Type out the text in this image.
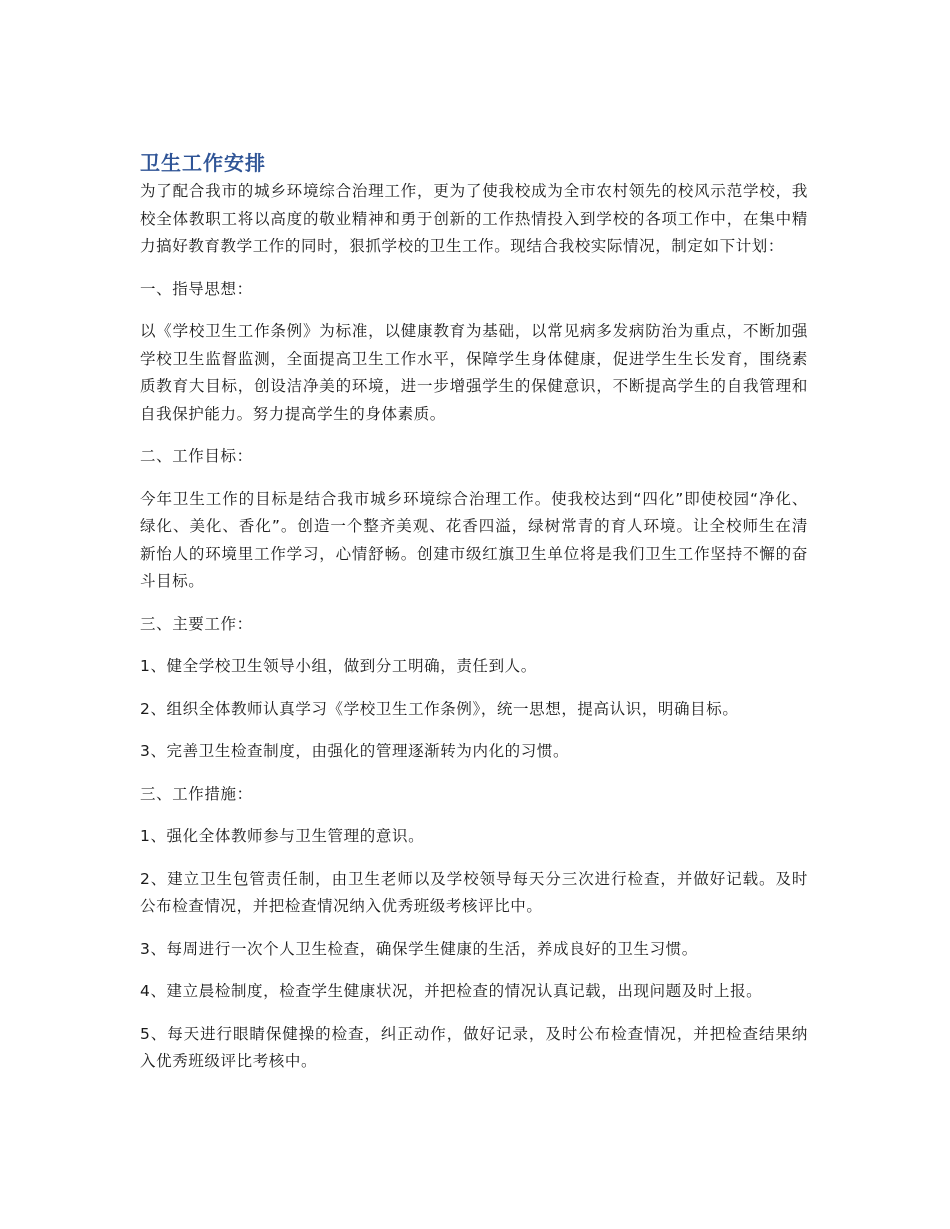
卫生工作安排

为了配合我市的城乡环境综合治理工作，更为了使我校成为全市农村领先的校风示范学校，我校全体教职工将以高度的敬业精神和勇于创新的工作热情投入到学校的各项工作中，在集中精力搞好教育教学工作的同时，狠抓学校的卫生工作。现结合我校实际情况，制定如下计划：

一、指导思想：

以《学校卫生工作条例》为标准，以健康教育为基础，以常见病多发病防治为重点，不断加强学校卫生监督监测，全面提高卫生工作水平，保障学生身体健康，促进学生生长发育，围绕素质教育大目标，创设洁净美的环境，进一步增强学生的保健意识，不断提高学生的自我管理和自我保护能力。努力提高学生的身体素质。

二、工作目标：

今年卫生工作的目标是结合我市城乡环境综合治理工作。使我校达到“四化”即使校园“净化、绿化、美化、香化”。创造一个整齐美观、花香四溢，绿树常青的育人环境。让全校师生在清新怡人的环境里工作学习，心情舒畅。创建市级红旗卫生单位将是我们卫生工作坚持不懈的奋斗目标。

三、主要工作：

1、健全学校卫生领导小组，做到分工明确，责任到人。

2、组织全体教师认真学习《学校卫生工作条例》，统一思想，提高认识，明确目标。

3、完善卫生检查制度，由强化的管理逐渐转为内化的习惯。

三、工作措施：

1、强化全体教师参与卫生管理的意识。

2、建立卫生包管责任制，由卫生老师以及学校领导每天分三次进行检查，并做好记载。及时公布检查情况，并把检查情况纳入优秀班级考核评比中。

3、每周进行一次个人卫生检查，确保学生健康的生活，养成良好的卫生习惯。

4、建立晨检制度，检查学生健康状况，并把检查的情况认真记载，出现问题及时上报。

5、每天进行眼睛保健操的检查，纠正动作，做好记录，及时公布检查情况，并把检查结果纳入优秀班级评比考核中。
